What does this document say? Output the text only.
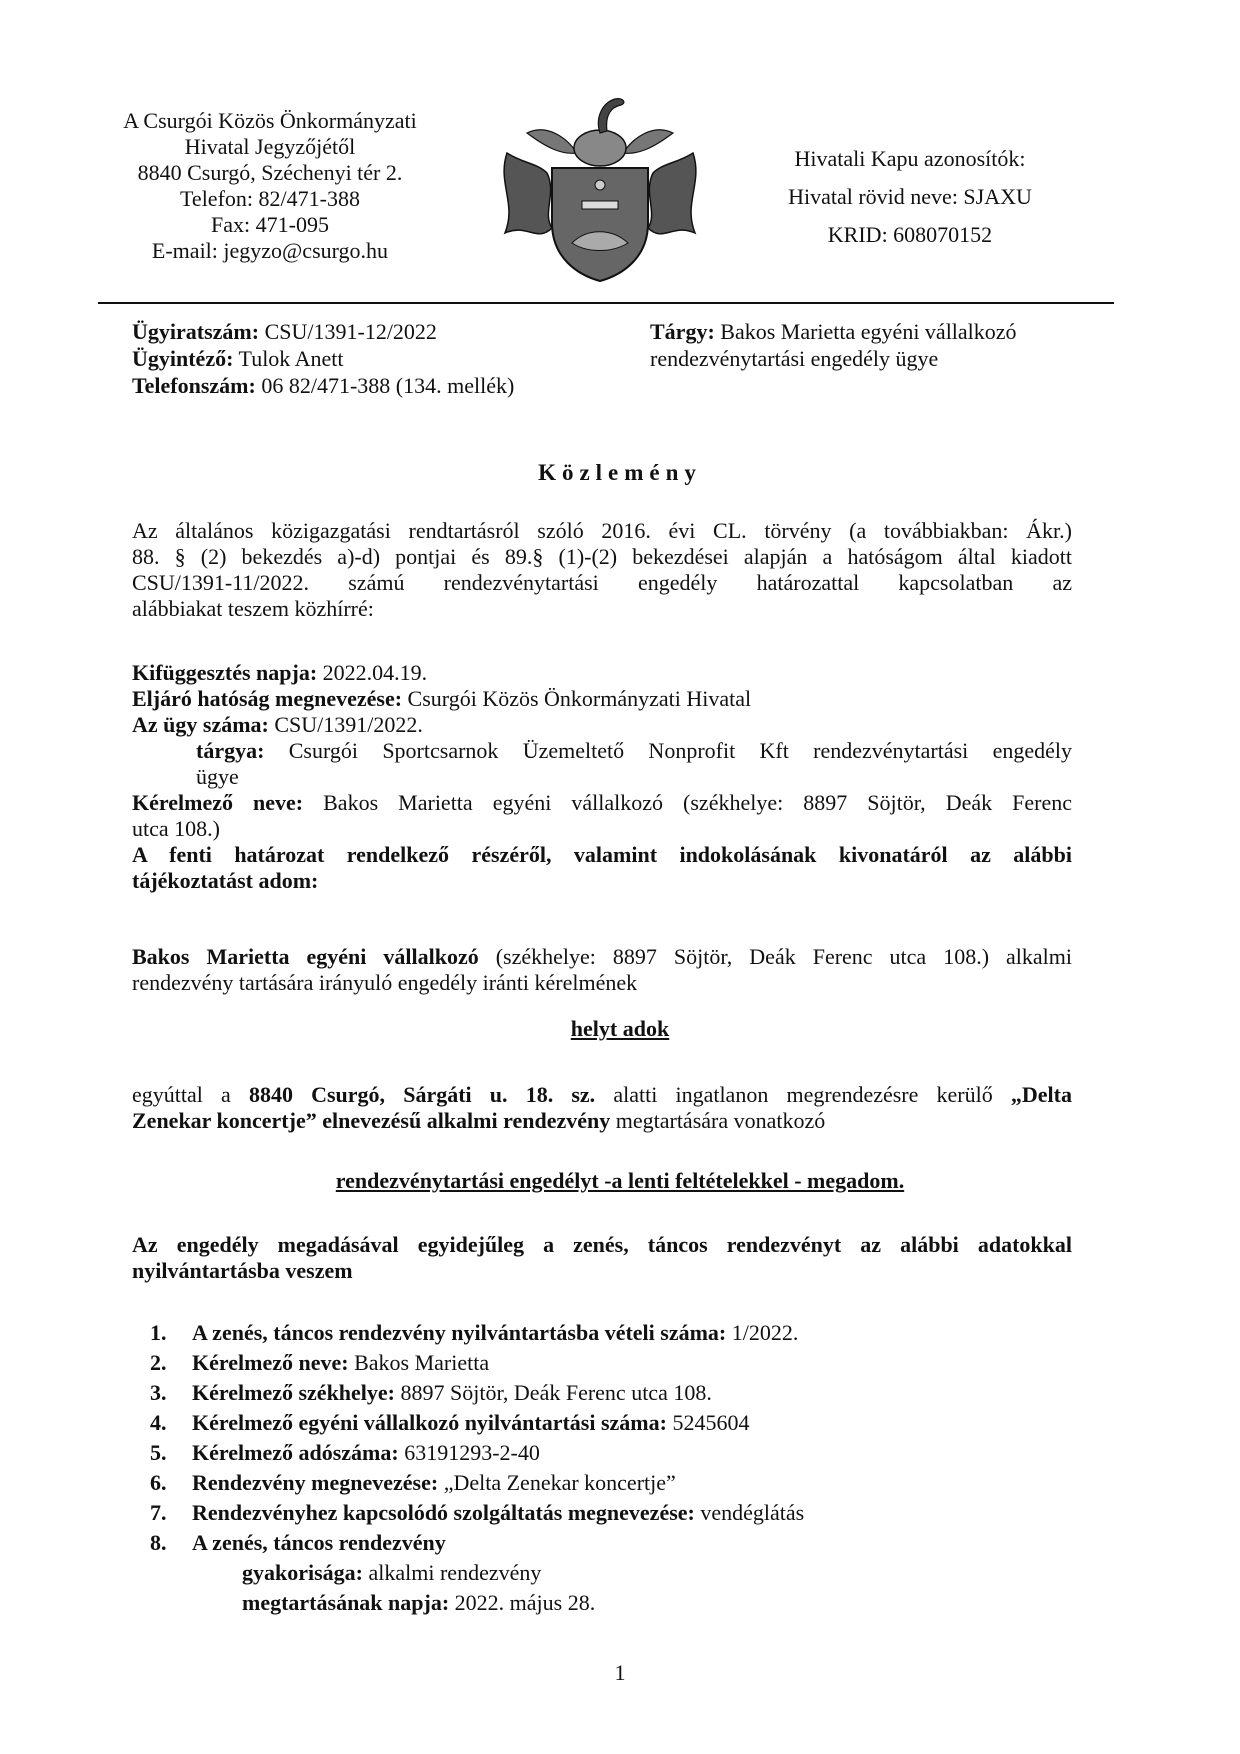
A Csurgói Közös Önkormányzati
Hivatal Jegyzőjétől
8840 Csurgó, Széchenyi tér 2.
Telefon: 82/471-388
Fax: 471-095
E-mail: jegyzo@csurgo.hu
Hivatali Kapu azonosítók:
Hivatal rövid neve: SJAXU
KRID: 608070152
Ügyiratszám: CSU/1391-12/2022
Ügyintéző: Tulok Anett
Telefonszám: 06 82/471-388 (134. mellék)
Tárgy: Bakos Marietta egyéni vállalkozó
rendezvénytartási engedély ügye
Közlemény
Az általános közigazgatási rendtartásról szóló 2016. évi CL. törvény (a továbbiakban: Ákr.)
88. § (2) bekezdés a)-d) pontjai és 89.§ (1)-(2) bekezdései alapján a hatóságom által kiadott
CSU/1391-11/2022. számú rendezvénytartási engedély határozattal kapcsolatban az
alábbiakat teszem közhírré:
Kifüggesztés napja: 2022.04.19.
Eljáró hatóság megnevezése: Csurgói Közös Önkormányzati Hivatal
Az ügy száma: CSU/1391/2022.
tárgya: Csurgói Sportcsarnok Üzemeltető Nonprofit Kft rendezvénytartási engedély
ügye
Kérelmező neve: Bakos Marietta egyéni vállalkozó (székhelye: 8897 Söjtör, Deák Ferenc
utca 108.)
A fenti határozat rendelkező részéről, valamint indokolásának kivonatáról az alábbi
tájékoztatást adom:
Bakos Marietta egyéni vállalkozó (székhelye: 8897 Söjtör, Deák Ferenc utca 108.) alkalmi
rendezvény tartására irányuló engedély iránti kérelmének
helyt adok
egyúttal a 8840 Csurgó, Sárgáti u. 18. sz. alatti ingatlanon megrendezésre kerülő „Delta
Zenekar koncertje” elnevezésű alkalmi rendezvény megtartására vonatkozó
rendezvénytartási engedélyt -a lenti feltételekkel - megadom.
Az engedély megadásával egyidejűleg a zenés, táncos rendezvényt az alábbi adatokkal
nyilvántartásba veszem
1. A zenés, táncos rendezvény nyilvántartásba vételi száma: 1/2022.
2. Kérelmező neve: Bakos Marietta
3. Kérelmező székhelye: 8897 Söjtör, Deák Ferenc utca 108.
4. Kérelmező egyéni vállalkozó nyilvántartási száma: 5245604
5. Kérelmező adószáma: 63191293-2-40
6. Rendezvény megnevezése: „Delta Zenekar koncertje”
7. Rendezvényhez kapcsolódó szolgáltatás megnevezése: vendéglátás
8. A zenés, táncos rendezvény
gyakorisága: alkalmi rendezvény
megtartásának napja: 2022. május 28.
1
